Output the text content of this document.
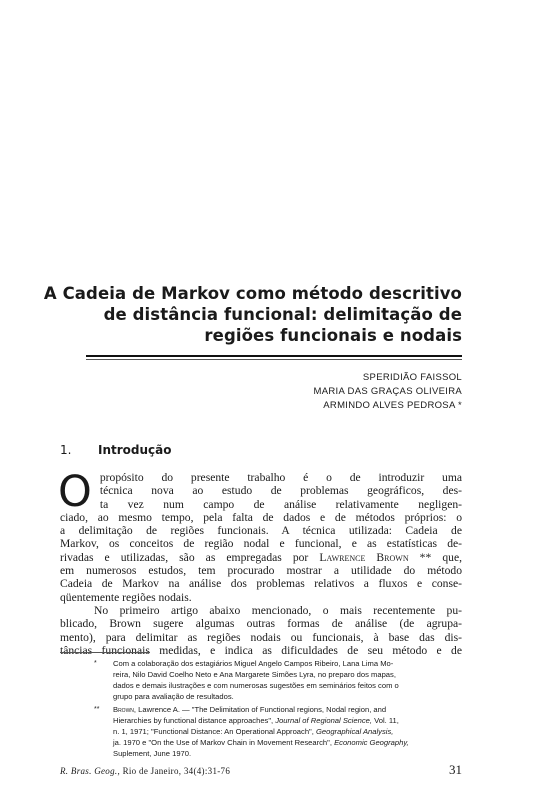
A Cadeia de Markov como método descritivo
de distância funcional: delimitação de
regiões funcionais e nodais
SPERIDIÃO FAISSOL
MARIA DAS GRAÇAS OLIVEIRA
ARMINDO ALVES PEDROSA *
1. Introdução
O propósito do presente trabalho é o de introduzir uma
técnica nova ao estudo de problemas geográficos, des-
ta vez num campo de análise relativamente negligen-
ciado, ao mesmo tempo, pela falta de dados e de métodos próprios: o
a delimitação de regiões funcionais. A técnica utilizada: Cadeia de
Markov, os conceitos de região nodal e funcional, e as estatísticas de-
rivadas e utilizadas, são as empregadas por Lawrence Brown ** que,
em numerosos estudos, tem procurado mostrar a utilidade do método
Cadeia de Markov na análise dos problemas relativos a fluxos e conse-
qüentemente regiões nodais.
No primeiro artigo abaixo mencionado, o mais recentemente pu-
blicado, Brown sugere algumas outras formas de análise (de agrupa-
mento), para delimitar as regiões nodais ou funcionais, à base das dis-
tâncias funcionais medidas, e indica as dificuldades de seu método e de
* Com a colaboração dos estagiários Miguel Angelo Campos Ribeiro, Lana Lima Mo-
reira, Nilo David Coelho Neto e Ana Margarete Simões Lyra, no preparo dos mapas,
dados e demais ilustrações e com numerosas sugestões em seminários feitos com o
grupo para avaliação de resultados.
** Brown, Lawrence A. — "The Delimitation of Functional regions, Nodal region, and
Hierarchies by functional distance approaches", Journal of Regional Science, Vol. 11,
n. 1, 1971; "Functional Distance: An Operational Approach", Geographical Analysis,
ja. 1970 e "On the Use of Markov Chain in Movement Research", Economic Geography,
Suplement, June 1970.
R. Bras. Geog., Rio de Janeiro, 34(4):31-76	31
